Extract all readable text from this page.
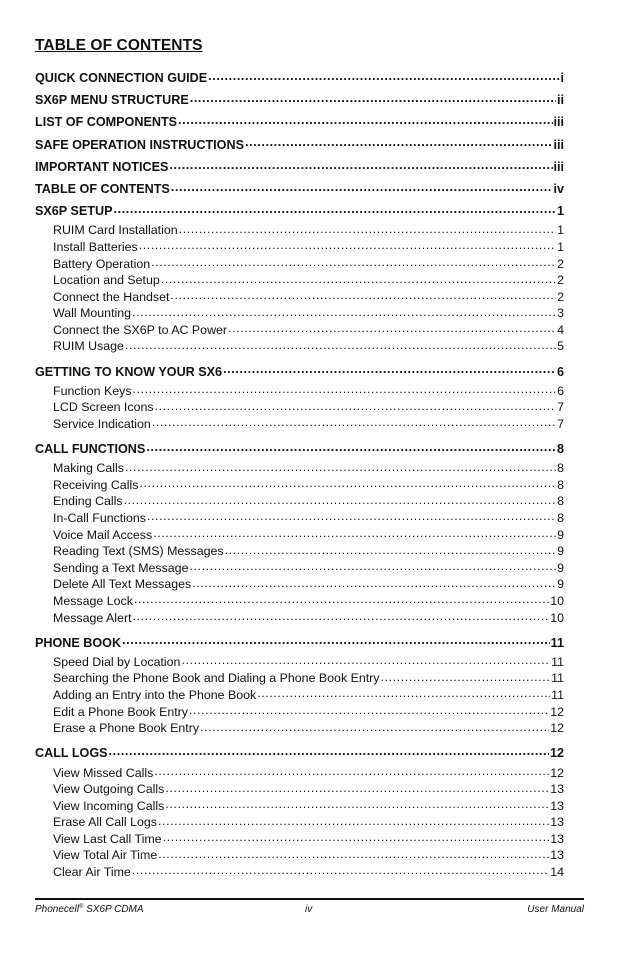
TABLE OF CONTENTS
QUICK CONNECTION GUIDE .....	i
SX6P MENU STRUCTURE .....	ii
LIST OF COMPONENTS .....	iii
SAFE OPERATION INSTRUCTIONS .....	iii
IMPORTANT NOTICES .....	iii
TABLE OF CONTENTS .....	iv
SX6P SETUP .....	1
RUIM Card Installation .....	1
Install Batteries .....	1
Battery Operation .....	2
Location and Setup .....	2
Connect the Handset .....	2
Wall Mounting .....	3
Connect the SX6P to AC Power .....	4
RUIM Usage .....	5
GETTING TO KNOW YOUR SX6 .....	6
Function Keys .....	6
LCD Screen Icons .....	7
Service Indication .....	7
CALL FUNCTIONS .....	8
Making Calls .....	8
Receiving Calls .....	8
Ending Calls .....	8
In-Call Functions .....	8
Voice Mail Access .....	9
Reading Text (SMS) Messages .....	9
Sending a Text Message .....	9
Delete All Text Messages .....	9
Message Lock .....	10
Message Alert .....	10
PHONE BOOK .....	11
Speed Dial by Location .....	11
Searching the Phone Book and Dialing a Phone Book Entry .....	11
Adding an Entry into the Phone Book .....	11
Edit a Phone Book Entry .....	12
Erase a Phone Book Entry .....	12
CALL LOGS .....	12
View Missed Calls .....	12
View Outgoing Calls .....	13
View Incoming Calls .....	13
Erase All Call Logs .....	13
View Last Call Time .....	13
View Total Air Time .....	13
Clear Air Time .....	14
Phonecell® SX6P CDMA	iv	User Manual
